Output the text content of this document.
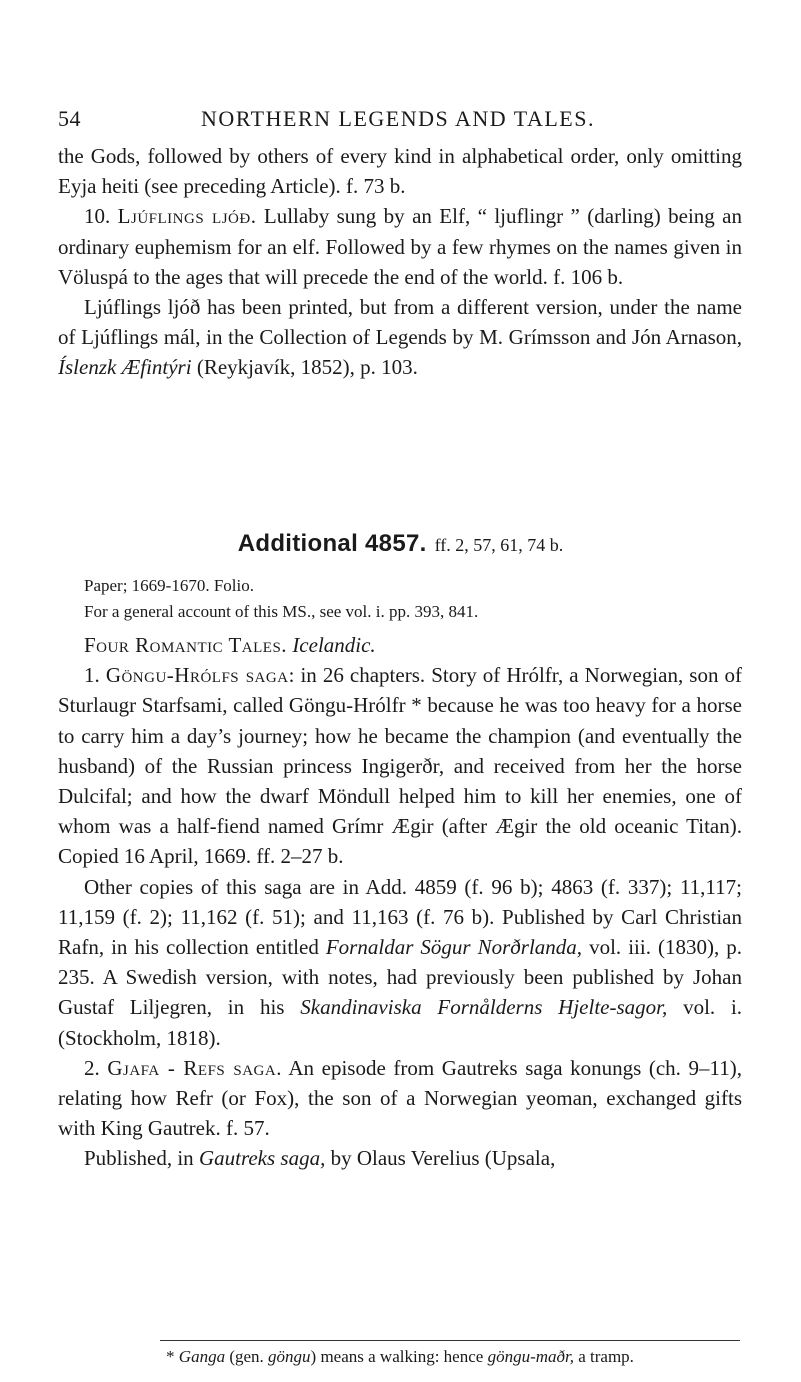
54	NORTHERN LEGENDS AND TALES.

the Gods, followed by others of every kind in alphabetical order, only omitting Eyja heiti (see preceding Article). f. 73 b.

10. Ljúflings ljóð. Lullaby sung by an Elf, “ ljuflingr ” (darling) being an ordinary euphemism for an elf. Followed by a few rhymes on the names given in Völuspá to the ages that will precede the end of the world. f. 106 b.

Ljúflings ljóð has been printed, but from a different version, under the name of Ljúflings mál, in the Collection of Legends by M. Grímsson and Jón Arnason, Íslenzk Æfintýri (Reykjavík, 1852), p. 103.

Additional 4857. ff. 2, 57, 61, 74 b.
Paper; 1669-1670. Folio.
For a general account of this MS., see vol. i. pp. 393, 841.

Four Romantic Tales. Icelandic.

1. Göngu-Hrólfs saga: in 26 chapters. Story of Hrólfr, a Norwegian, son of Sturlaugr Starfsami, called Göngu-Hrólfr * because he was too heavy for a horse to carry him a day’s journey; how he became the champion (and eventually the husband) of the Russian princess Ingigerðr, and received from her the horse Dulcifal; and how the dwarf Möndull helped him to kill her enemies, one of whom was a half-fiend named Grímr Ægir (after Ægir the old oceanic Titan). Copied 16 April, 1669. ff. 2–27 b.

Other copies of this saga are in Add. 4859 (f. 96 b); 4863 (f. 337); 11,117; 11,159 (f. 2); 11,162 (f. 51); and 11,163 (f. 76 b). Published by Carl Christian Rafn, in his collection entitled Fornaldar Sögur Norðrlanda, vol. iii. (1830), p. 235. A Swedish version, with notes, had previously been published by Johan Gustaf Liljegren, in his Skandinaviska Fornålderns Hjelte-sagor, vol. i. (Stockholm, 1818).

2. Gjafa - Refs saga. An episode from Gautreks saga konungs (ch. 9–11), relating how Refr (or Fox), the son of a Norwegian yeoman, exchanged gifts with King Gautrek. f. 57.

Published, in Gautreks saga, by Olaus Verelius (Upsala,

* Ganga (gen. göngu) means a walking: hence göngu-maðr, a tramp.
